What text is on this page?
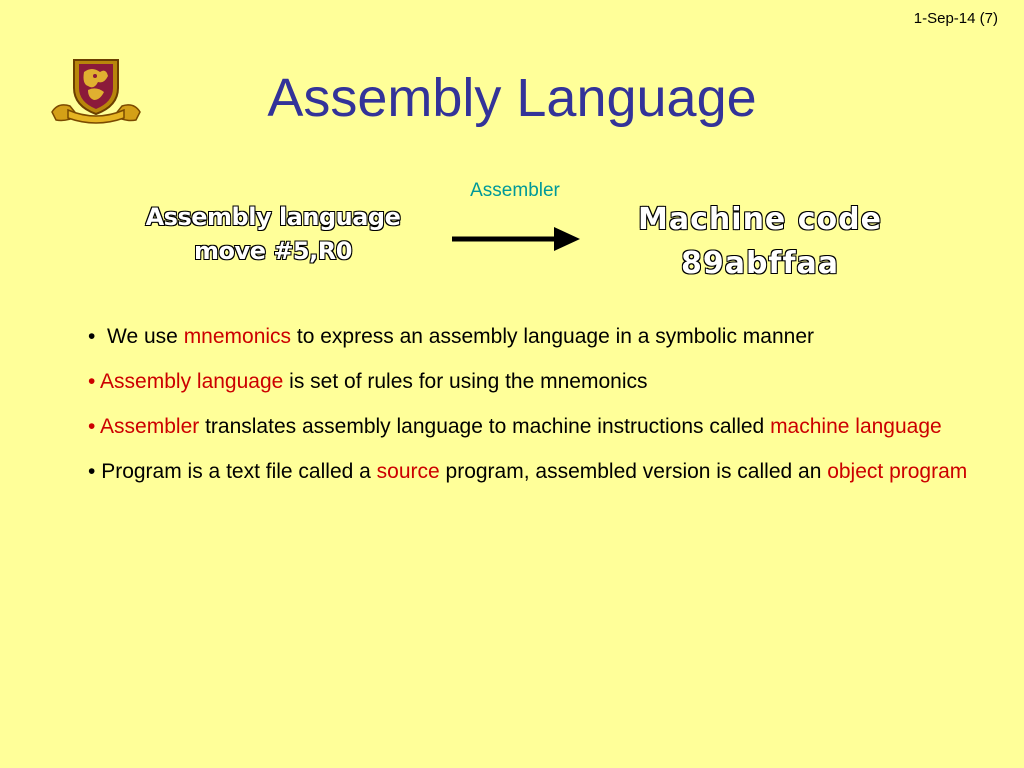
1-Sep-14 (7)
Assembly Language
Assembler
Assembly language
move #5,R0
Machine code
89abffaa
• We use mnemonics to express an assembly language in a symbolic manner
• Assembly language is set of rules for using the mnemonics
• Assembler translates assembly language to machine instructions called machine language
• Program is a text file called a source program, assembled version is called an object program
